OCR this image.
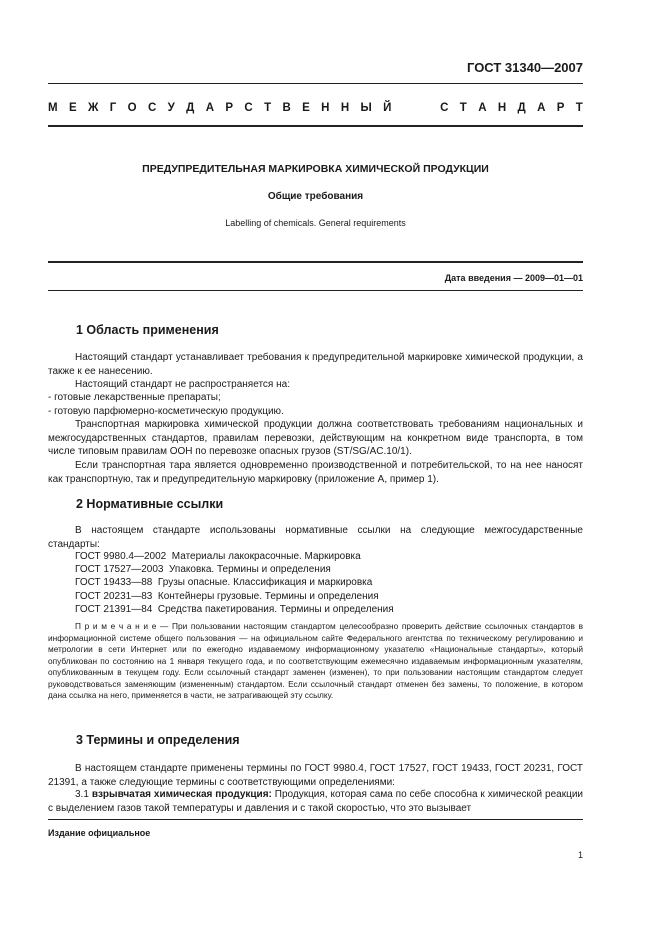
ГОСТ 31340—2007
М Е Ж Г О С У Д А Р С Т В Е Н Н Ы Й
	С Т А Н Д А Р Т
ПРЕДУПРЕДИТЕЛЬНАЯ МАРКИРОВКА ХИМИЧЕСКОЙ ПРОДУКЦИИ
Общие требования
Labelling of chemicals. General requirements
Дата введения — 2009—01—01
1 Область применения
Настоящий стандарт устанавливает требования к предупредительной маркировке химической продукции, а также к ее нанесению.
Настоящий стандарт не распространяется на:
- готовые лекарственные препараты;
- готовую парфюмерно-косметическую продукцию.
Транспортная маркировка химической продукции должна соответствовать требованиям национальных и межгосударственных стандартов, правилам перевозки, действующим на конкретном виде транспорта, в том числе типовым правилам ООН по перевозке опасных грузов (ST/SG/AC.10/1).
Если транспортная тара является одновременно производственной и потребительской, то на нее наносят как транспортную, так и предупредительную маркировку (приложение А, пример 1).
2 Нормативные ссылки
В настоящем стандарте использованы нормативные ссылки на следующие межгосударственные стандарты:
ГОСТ 9980.4—2002  Материалы лакокрасочные. Маркировка
ГОСТ 17527—2003  Упаковка. Термины и определения
ГОСТ 19433—88  Грузы опасные. Классификация и маркировка
ГОСТ 20231—83  Контейнеры грузовые. Термины и определения
ГОСТ 21391—84  Средства пакетирования. Термины и определения
П р и м е ч а н и е — При пользовании настоящим стандартом целесообразно проверить действие ссылочных стандартов в информационной системе общего пользования — на официальном сайте Федерального агентства по техническому регулированию и метрологии в сети Интернет или по ежегодно издаваемому информационному указателю «Национальные стандарты», который опубликован по состоянию на 1 января текущего года, и по соответствующим ежемесячно издаваемым информационным указателям, опубликованным в текущем году. Если ссылочный стандарт заменен (изменен), то при пользовании настоящим стандартом следует руководствоваться заменяющим (измененным) стандартом. Если ссылочный стандарт отменен без замены, то положение, в котором дана ссылка на него, применяется в части, не затрагивающей эту ссылку.
3 Термины и определения
В настоящем стандарте применены термины по ГОСТ 9980.4, ГОСТ 17527, ГОСТ 19433, ГОСТ 20231, ГОСТ 21391, а также следующие термины с соответствующими определениями:
3.1 взрывчатая химическая продукция: Продукция, которая сама по себе способна к химической реакции с выделением газов такой температуры и давления и с такой скоростью, что это вызывает
Издание официальное
1
